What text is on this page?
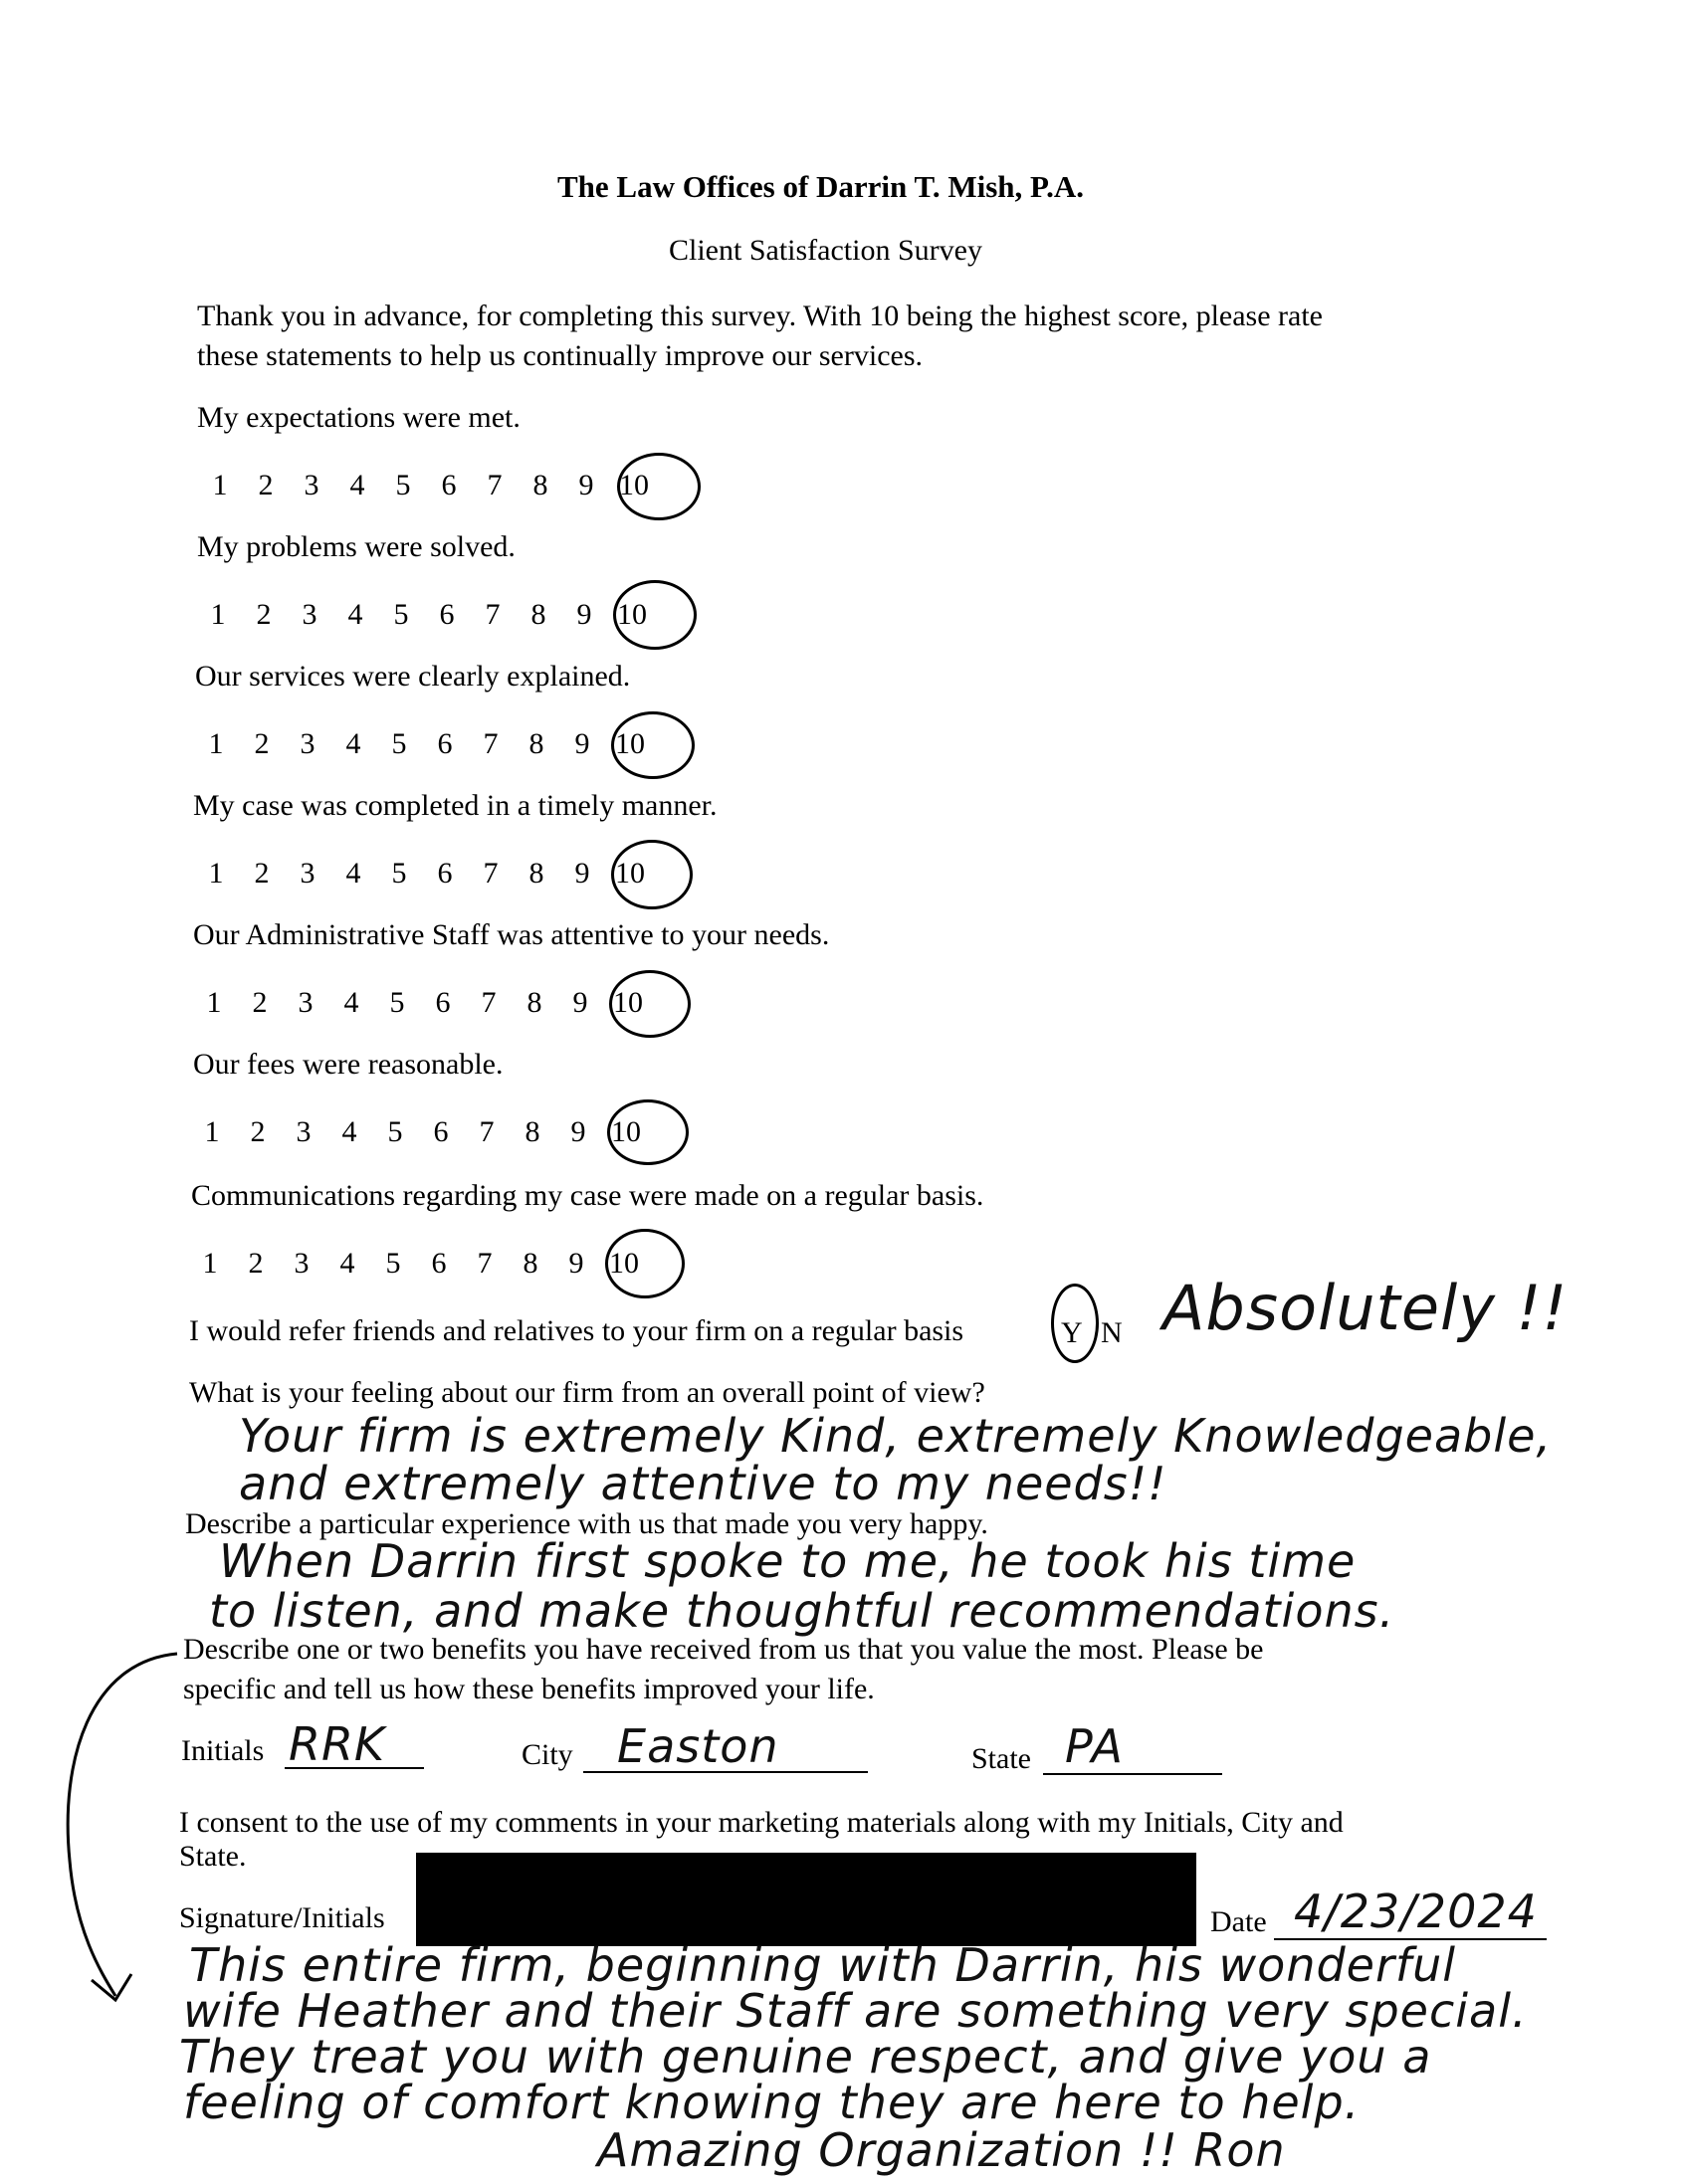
The Law Offices of Darrin T. Mish, P.A.
Client Satisfaction Survey
Thank you in advance, for completing this survey. With 10 being the highest score, please rate
these statements to help us continually improve our services.
My expectations were met.
1	2	3	4	5	6	7	8	9 10
My problems were solved.
1	2	3	4	5	6	7	8	9 10
Our services were clearly explained.
1	2	3	4	5	6	7	8	9 10
My case was completed in a timely manner.
1	2	3	4	5	6	7	8	9 10
Our Administrative Staff was attentive to your needs.
1	2	3	4	5	6	7	8	9 10
Our fees were reasonable.
1	2	3	4	5	6	7	8	9 10
Communications regarding my case were made on a regular basis.
1	2	3	4	5	6	7	8	9 10
I would refer friends and relatives to your firm on a regular basis	Y N Absolutely !!
What is your feeling about our firm from an overall point of view?
Your firm is extremely Kind, extremely Knowledgeable,
and extremely attentive to my needs!!
Describe a particular experience with us that made you very happy.
When Darrin first spoke to me, he took his time
to listen, and make thoughtful recommendations.
Describe one or two benefits you have received from us that you value the most. Please be
specific and tell us how these benefits improved your life.
Initials RRK	City Easton	State PA
I consent to the use of my comments in your marketing materials along with my Initials, City and
State.
Signature/Initials	Date 4/23/2024
This entire firm, beginning with Darrin, his wonderful
wife Heather and their Staff are something very special.
They treat you with genuine respect, and give you a
feeling of comfort knowing they are here to help.
Amazing Organization !! Ron
